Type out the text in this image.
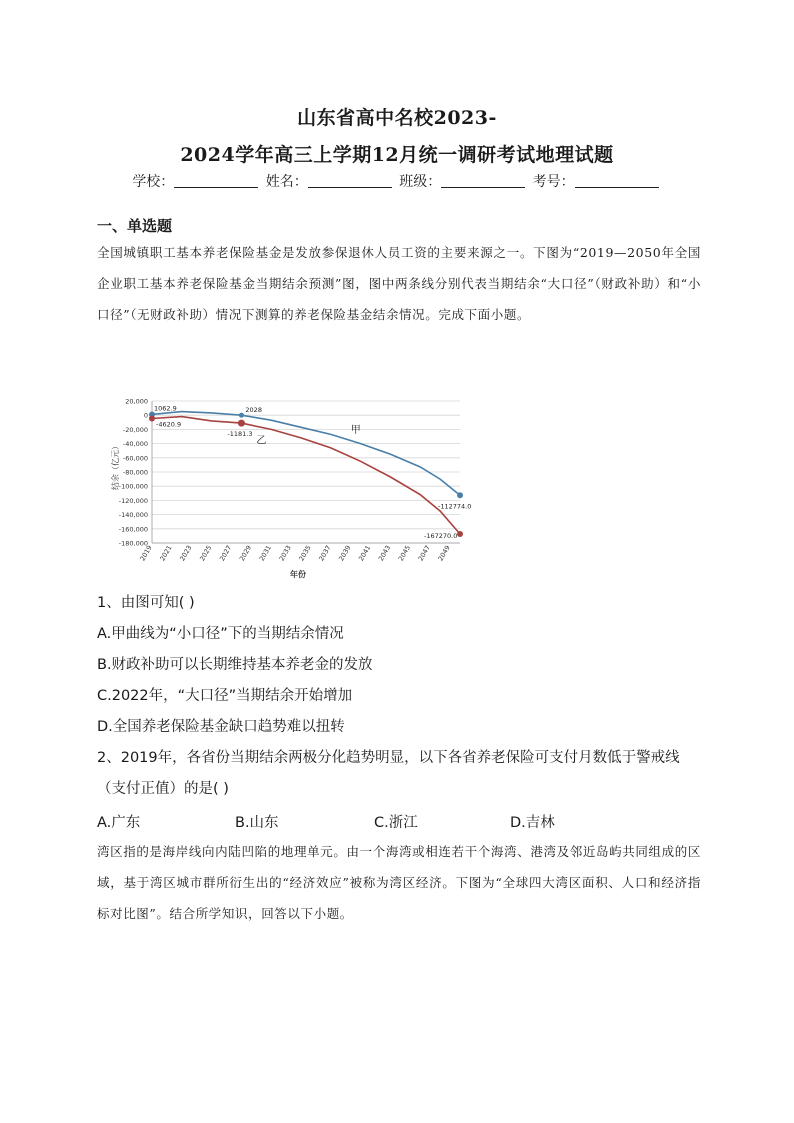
山东省高中名校2023-
2024学年高三上学期12月统一调研考试地理试题
学校：	姓名：	班级：	考号：
一、单选题
全国城镇职工基本养老保险基金是发放参保退休人员工资的主要来源之一。下图为“2019—2050年全国企业职工基本养老保险基金当期结余预测”图，图中两条线分别代表当期结余“大口径”（财政补助）和“小口径”（无财政补助）情况下测算的养老保险基金结余情况。完成下面小题。
20,000
0
-20,000
-40,000
-60,000
-80,000
-100,000
-120,000
-140,000
-160,000
-180,000
2019 2021 2023 2025 2027 2029 2031 2033 2035 2037 2039 2041 2043 2045 2047 2049
甲
乙
1062.9
-4620.9
2028
-1181.3
-112774.0
-167270.0
结余（亿元）
年份
1、由图可知( )
A.甲曲线为“小口径”下的当期结余情况
B.财政补助可以长期维持基本养老金的发放
C.2022年，“大口径”当期结余开始增加
D.全国养老保险基金缺口趋势难以扭转
2、2019年，各省份当期结余两极分化趋势明显，以下各省养老保险可支付月数低于警戒线（支付正值）的是( )
A.广东	B.山东	C.浙江	D.吉林
湾区指的是海岸线向内陆凹陷的地理单元。由一个海湾或相连若干个海湾、港湾及邻近岛屿共同组成的区域，基于湾区城市群所衍生出的“经济效应”被称为湾区经济。下图为“全球四大湾区面积、人口和经济指标对比图”。结合所学知识，回答以下小题。
